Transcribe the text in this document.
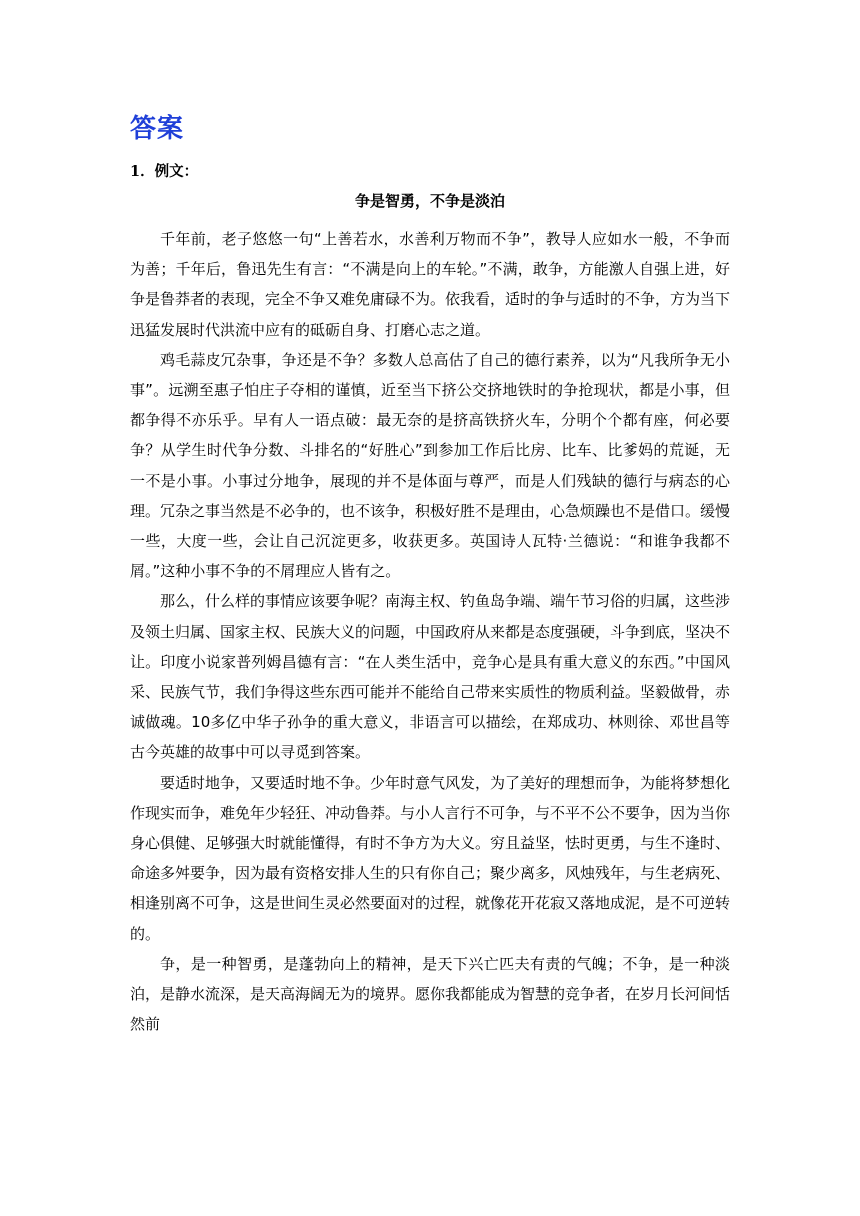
答案
1．例文：
争是智勇，不争是淡泊

千年前，老子悠悠一句“上善若水，水善利万物而不争”，教导人应如水一般，不争而为善；千年后，鲁迅先生有言：“不满是向上的车轮。”不满，敢争，方能激人自强上进，好争是鲁莽者的表现，完全不争又难免庸碌不为。依我看，适时的争与适时的不争，方为当下迅猛发展时代洪流中应有的砥砺自身、打磨心志之道。

鸡毛蒜皮冗杂事，争还是不争？多数人总高估了自己的德行素养，以为“凡我所争无小事”。远溯至惠子怕庄子夺相的谨慎，近至当下挤公交挤地铁时的争抢现状，都是小事，但都争得不亦乐乎。早有人一语点破：最无奈的是挤高铁挤火车，分明个个都有座，何必要争？从学生时代争分数、斗排名的“好胜心”到参加工作后比房、比车、比爹妈的荒诞，无一不是小事。小事过分地争，展现的并不是体面与尊严，而是人们残缺的德行与病态的心理。冗杂之事当然是不必争的，也不该争，积极好胜不是理由，心急烦躁也不是借口。缓慢一些，大度一些，会让自己沉淀更多，收获更多。英国诗人瓦特·兰德说：“和谁争我都不屑。”这种小事不争的不屑理应人皆有之。

那么，什么样的事情应该要争呢？南海主权、钓鱼岛争端、端午节习俗的归属，这些涉及领土归属、国家主权、民族大义的问题，中国政府从来都是态度强硬，斗争到底，坚决不让。印度小说家普列姆昌德有言：“在人类生活中，竞争心是具有重大意义的东西。”中国风采、民族气节，我们争得这些东西可能并不能给自己带来实质性的物质利益。坚毅做骨，赤诚做魂。10多亿中华子孙争的重大意义，非语言可以描绘，在郑成功、林则徐、邓世昌等古今英雄的故事中可以寻觅到答案。

要适时地争，又要适时地不争。少年时意气风发，为了美好的理想而争，为能将梦想化作现实而争，难免年少轻狂、冲动鲁莽。与小人言行不可争，与不平不公不要争，因为当你身心俱健、足够强大时就能懂得，有时不争方为大义。穷且益坚，怯时更勇，与生不逢时、命途多舛要争，因为最有资格安排人生的只有你自己；聚少离多，风烛残年，与生老病死、相逢别离不可争，这是世间生灵必然要面对的过程，就像花开花寂又落地成泥，是不可逆转的。

争，是一种智勇，是蓬勃向上的精神，是天下兴亡匹夫有责的气魄；不争，是一种淡泊，是静水流深，是天高海阔无为的境界。愿你我都能成为智慧的竞争者，在岁月长河间恬然前
